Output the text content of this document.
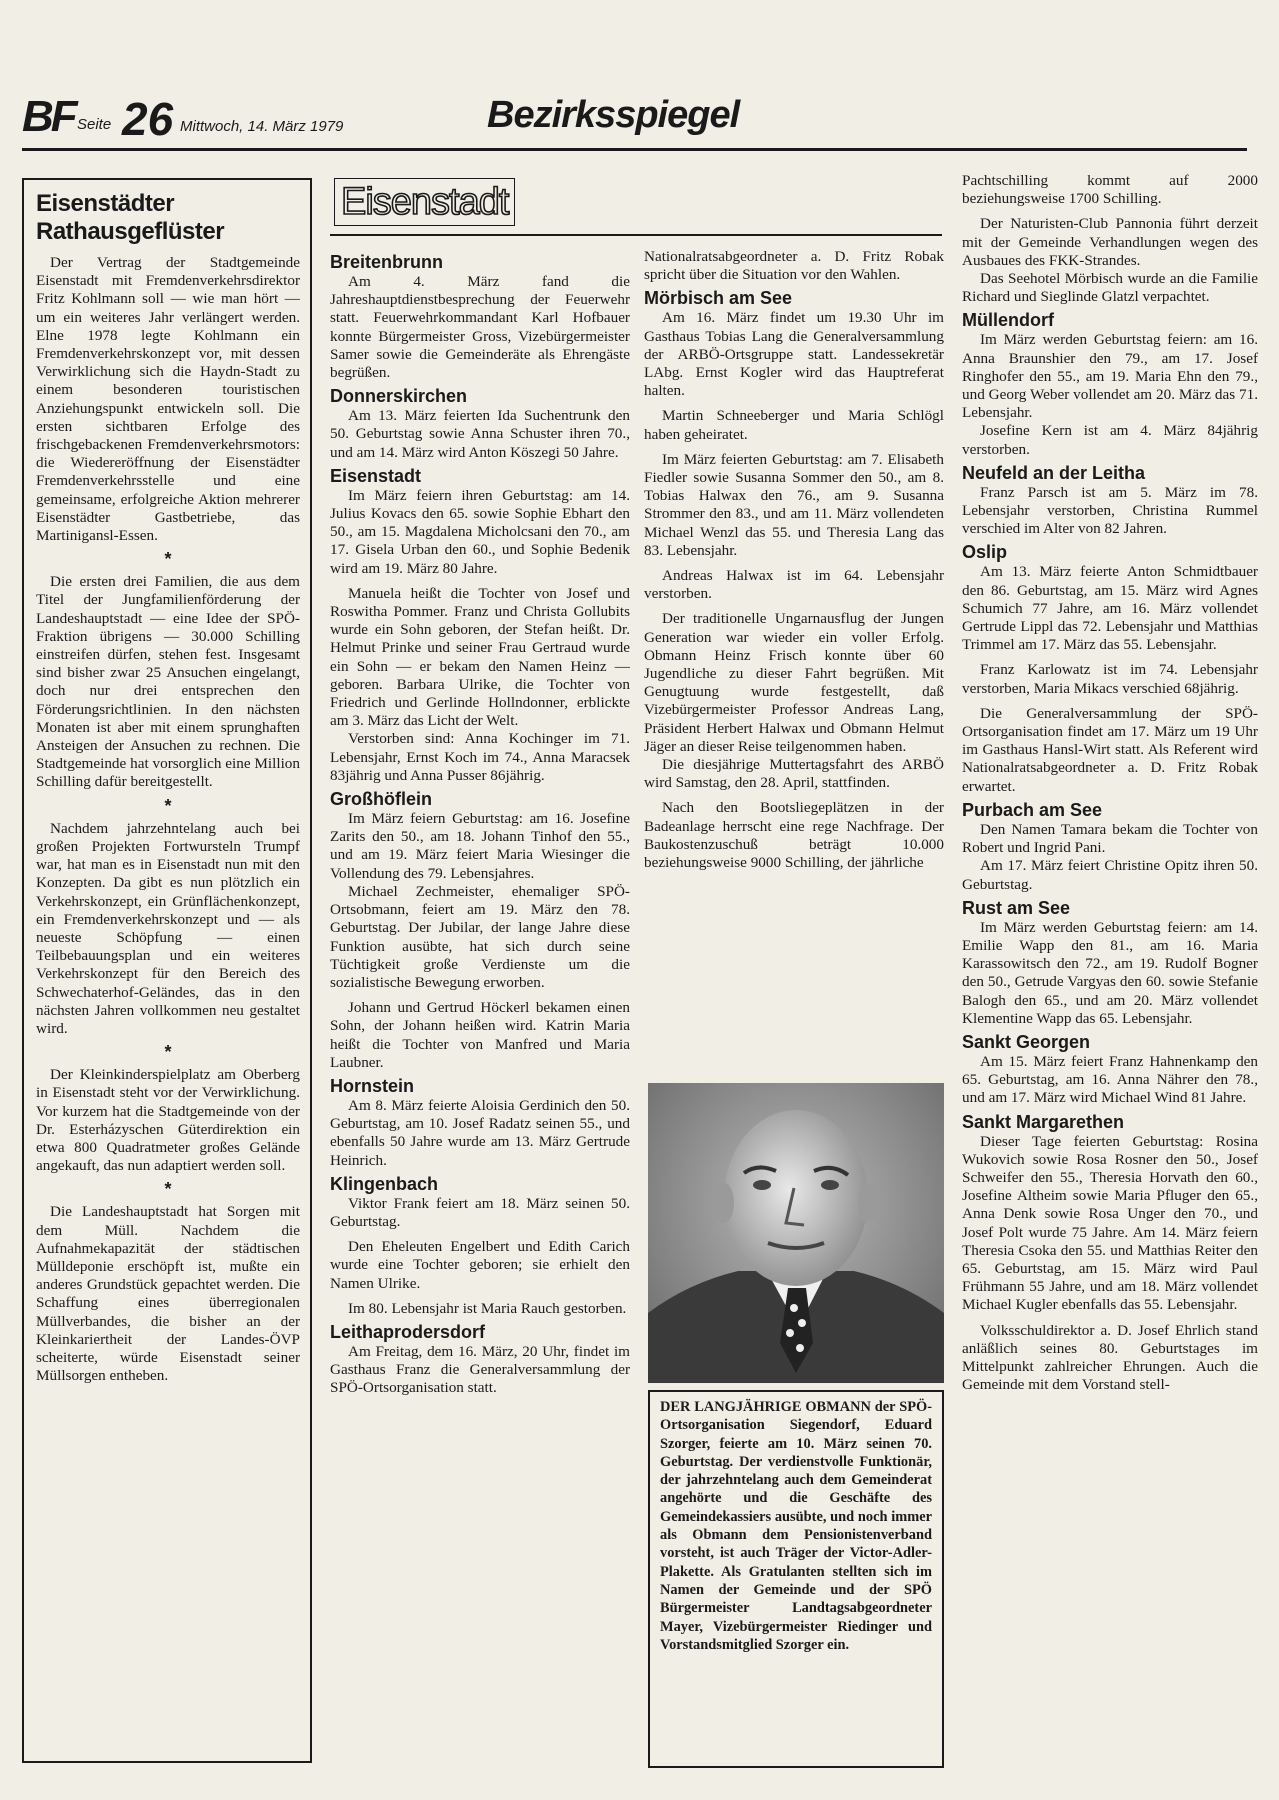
BF Seite 26 Mittwoch, 14. März 1979	Bezirksspiegel
Eisenstädter Rathausgeflüster

Der Vertrag der Stadtgemeinde Eisenstadt mit Fremdenverkehrsdirektor Fritz Kohlmann soll — wie man hört — um ein weiteres Jahr verlängert werden. Elne 1978 legte Kohlmann ein Fremdenverkehrskonzept vor, mit dessen Verwirklichung sich die Haydn-Stadt zu einem besonderen touristischen Anziehungspunkt entwickeln soll. Die ersten sichtbaren Erfolge des frischgebackenen Fremdenverkehrsmotors: die Wiedereröffnung der Eisenstädter Fremdenverkehrsstelle und eine gemeinsame, erfolgreiche Aktion mehrerer Eisenstädter Gastbetriebe, das Martinigansl-Essen.

*

Die ersten drei Familien, die aus dem Titel der Jungfamilienförderung der Landeshauptstadt — eine Idee der SPÖ-Fraktion übrigens — 30.000 Schilling einstreifen dürfen, stehen fest. Insgesamt sind bisher zwar 25 Ansuchen eingelangt, doch nur drei entsprechen den Förderungsrichtlinien. In den nächsten Monaten ist aber mit einem sprunghaften Ansteigen der Ansuchen zu rechnen. Die Stadtgemeinde hat vorsorglich eine Million Schilling dafür bereitgestellt.

*

Nachdem jahrzehntelang auch bei großen Projekten Fortwursteln Trumpf war, hat man es in Eisenstadt nun mit den Konzepten. Da gibt es nun plötzlich ein Verkehrskonzept, ein Grünflächenkonzept, ein Fremdenverkehrskonzept und — als neueste Schöpfung — einen Teilbebauungsplan und ein weiteres Verkehrskonzept für den Bereich des Schwechaterhof-Geländes, das in den nächsten Jahren vollkommen neu gestaltet wird.

*

Der Kleinkinderspielplatz am Oberberg in Eisenstadt steht vor der Verwirklichung. Vor kurzem hat die Stadtgemeinde von der Dr. Esterházyschen Güterdirektion ein etwa 800 Quadratmeter großes Gelände angekauft, das nun adaptiert werden soll.

*

Die Landeshauptstadt hat Sorgen mit dem Müll. Nachdem die Aufnahmekapazität der städtischen Mülldeponie erschöpft ist, mußte ein anderes Grundstück gepachtet werden. Die Schaffung eines überregionalen Müllverbandes, die bisher an der Kleinkariertheit der Landes-ÖVP scheiterte, würde Eisenstadt seiner Müllsorgen entheben.

Eisenstadt
Breitenbrunn

Am 4. März fand die Jahreshauptdienstbesprechung der Feuerwehr statt. Feuerwehrkommandant Karl Hofbauer konnte Bürgermeister Gross, Vizebürgermeister Samer sowie die Gemeinderäte als Ehrengäste begrüßen.

Donnerskirchen

Am 13. März feierten Ida Suchentrunk den 50. Geburtstag sowie Anna Schuster ihren 70., und am 14. März wird Anton Köszegi 50 Jahre.

Eisenstadt

Im März feiern ihren Geburtstag: am 14. Julius Kovacs den 65. sowie Sophie Ebhart den 50., am 15. Magdalena Micholcsani den 70., am 17. Gisela Urban den 60., und Sophie Bedenik wird am 19. März 80 Jahre.

Manuela heißt die Tochter von Josef und Roswitha Pommer. Franz und Christa Gollubits wurde ein Sohn geboren, der Stefan heißt. Dr. Helmut Prinke und seiner Frau Gertraud wurde ein Sohn — er bekam den Namen Heinz — geboren. Barbara Ulrike, die Tochter von Friedrich und Gerlinde Hollndonner, erblickte am 3. März das Licht der Welt.

Verstorben sind: Anna Kochinger im 71. Lebensjahr, Ernst Koch im 74., Anna Maracsek 83jährig und Anna Pusser 86jährig.

Großhöflein

Im März feiern Geburtstag: am 16. Josefine Zarits den 50., am 18. Johann Tinhof den 55., und am 19. März feiert Maria Wiesinger die Vollendung des 79. Lebensjahres.

Michael Zechmeister, ehemaliger SPÖ-Ortsobmann, feiert am 19. März den 78. Geburtstag. Der Jubilar, der lange Jahre diese Funktion ausübte, hat sich durch seine Tüchtigkeit große Verdienste um die sozialistische Bewegung erworben.

Johann und Gertrud Höckerl bekamen einen Sohn, der Johann heißen wird. Katrin Maria heißt die Tochter von Manfred und Maria Laubner.

Hornstein

Am 8. März feierte Aloisia Gerdinich den 50. Geburtstag, am 10. Josef Radatz seinen 55., und ebenfalls 50 Jahre wurde am 13. März Gertrude Heinrich.

Klingenbach

Viktor Frank feiert am 18. März seinen 50. Geburtstag.

Den Eheleuten Engelbert und Edith Carich wurde eine Tochter geboren; sie erhielt den Namen Ulrike.

Im 80. Lebensjahr ist Maria Rauch gestorben.

Leithaprodersdorf

Am Freitag, dem 16. März, 20 Uhr, findet im Gasthaus Franz die Generalversammlung der SPÖ-Ortsorganisation statt.

Nationalratsabgeordneter a. D. Fritz Robak spricht über die Situation vor den Wahlen.

Mörbisch am See

Am 16. März findet um 19.30 Uhr im Gasthaus Tobias Lang die Generalversammlung der ARBÖ-Ortsgruppe statt. Landessekretär LAbg. Ernst Kogler wird das Hauptreferat halten.

Martin Schneeberger und Maria Schlögl haben geheiratet.

Im März feierten Geburtstag: am 7. Elisabeth Fiedler sowie Susanna Sommer den 50., am 8. Tobias Halwax den 76., am 9. Susanna Strommer den 83., und am 11. März vollendeten Michael Wenzl das 55. und Theresia Lang das 83. Lebensjahr.

Andreas Halwax ist im 64. Lebensjahr verstorben.

Der traditionelle Ungarnausflug der Jungen Generation war wieder ein voller Erfolg. Obmann Heinz Frisch konnte über 60 Jugendliche zu dieser Fahrt begrüßen. Mit Genugtuung wurde festgestellt, daß Vizebürgermeister Professor Andreas Lang, Präsident Herbert Halwax und Obmann Helmut Jäger an dieser Reise teilgenommen haben.

Die diesjährige Muttertagsfahrt des ARBÖ wird Samstag, den 28. April, stattfinden.

Nach den Bootsliegeplätzen in der Badeanlage herrscht eine rege Nachfrage. Der Baukostenzuschuß beträgt 10.000 beziehungsweise 9000 Schilling, der jährliche

Pachtschilling kommt auf 2000 beziehungsweise 1700 Schilling.

Der Naturisten-Club Pannonia führt derzeit mit der Gemeinde Verhandlungen wegen des Ausbaues des FKK-Strandes.

Das Seehotel Mörbisch wurde an die Familie Richard und Sieglinde Glatzl verpachtet.

Müllendorf

Im März werden Geburtstag feiern: am 16. Anna Braunshier den 79., am 17. Josef Ringhofer den 55., am 19. Maria Ehn den 79., und Georg Weber vollendet am 20. März das 71. Lebensjahr.

Josefine Kern ist am 4. März 84jährig verstorben.

Neufeld an der Leitha

Franz Parsch ist am 5. März im 78. Lebensjahr verstorben, Christina Rummel verschied im Alter von 82 Jahren.

Oslip

Am 13. März feierte Anton Schmidtbauer den 86. Geburtstag, am 15. März wird Agnes Schumich 77 Jahre, am 16. März vollendet Gertrude Lippl das 72. Lebensjahr und Matthias Trimmel am 17. März das 55. Lebensjahr.

Franz Karlowatz ist im 74. Lebensjahr verstorben, Maria Mikacs verschied 68jährig.

Die Generalversammlung der SPÖ-Ortsorganisation findet am 17. März um 19 Uhr im Gasthaus Hansl-Wirt statt. Als Referent wird Nationalratsabgeordneter a. D. Fritz Robak erwartet.

Purbach am See

Den Namen Tamara bekam die Tochter von Robert und Ingrid Pani.

Am 17. März feiert Christine Opitz ihren 50. Geburtstag.

Rust am See

Im März werden Geburtstag feiern: am 14. Emilie Wapp den 81., am 16. Maria Karassowitsch den 72., am 19. Rudolf Bogner den 50., Getrude Vargyas den 60. sowie Stefanie Balogh den 65., und am 20. März vollendet Klementine Wapp das 65. Lebensjahr.

Sankt Georgen

Am 15. März feiert Franz Hahnenkamp den 65. Geburtstag, am 16. Anna Nährer den 78., und am 17. März wird Michael Wind 81 Jahre.

Sankt Margarethen

Dieser Tage feierten Geburtstag: Rosina Wukovich sowie Rosa Rosner den 50., Josef Schweifer den 55., Theresia Horvath den 60., Josefine Altheim sowie Maria Pfluger den 65., Anna Denk sowie Rosa Unger den 70., und Josef Polt wurde 75 Jahre. Am 14. März feiern Theresia Csoka den 55. und Matthias Reiter den 65. Geburtstag, am 15. März wird Paul Frühmann 55 Jahre, und am 18. März vollendet Michael Kugler ebenfalls das 55. Lebensjahr.

Volksschuldirektor a. D. Josef Ehrlich stand anläßlich seines 80. Geburtstages im Mittelpunkt zahlreicher Ehrungen. Auch die Gemeinde mit dem Vorstand stell-

DER LANGJÄHRIGE OBMANN der SPÖ-Ortsorganisation Siegendorf, Eduard Szorger, feierte am 10. März seinen 70. Geburtstag. Der verdienstvolle Funktionär, der jahrzehntelang auch dem Gemeinderat angehörte und die Geschäfte des Gemeindekassiers ausübte, und noch immer als Obmann dem Pensionistenverband vorsteht, ist auch Träger der Victor-Adler-Plakette. Als Gratulanten stellten sich im Namen der Gemeinde und der SPÖ Bürgermeister Landtagsabgeordneter Mayer, Vizebürgermeister Riedinger und Vorstandsmitglied Szorger ein.
